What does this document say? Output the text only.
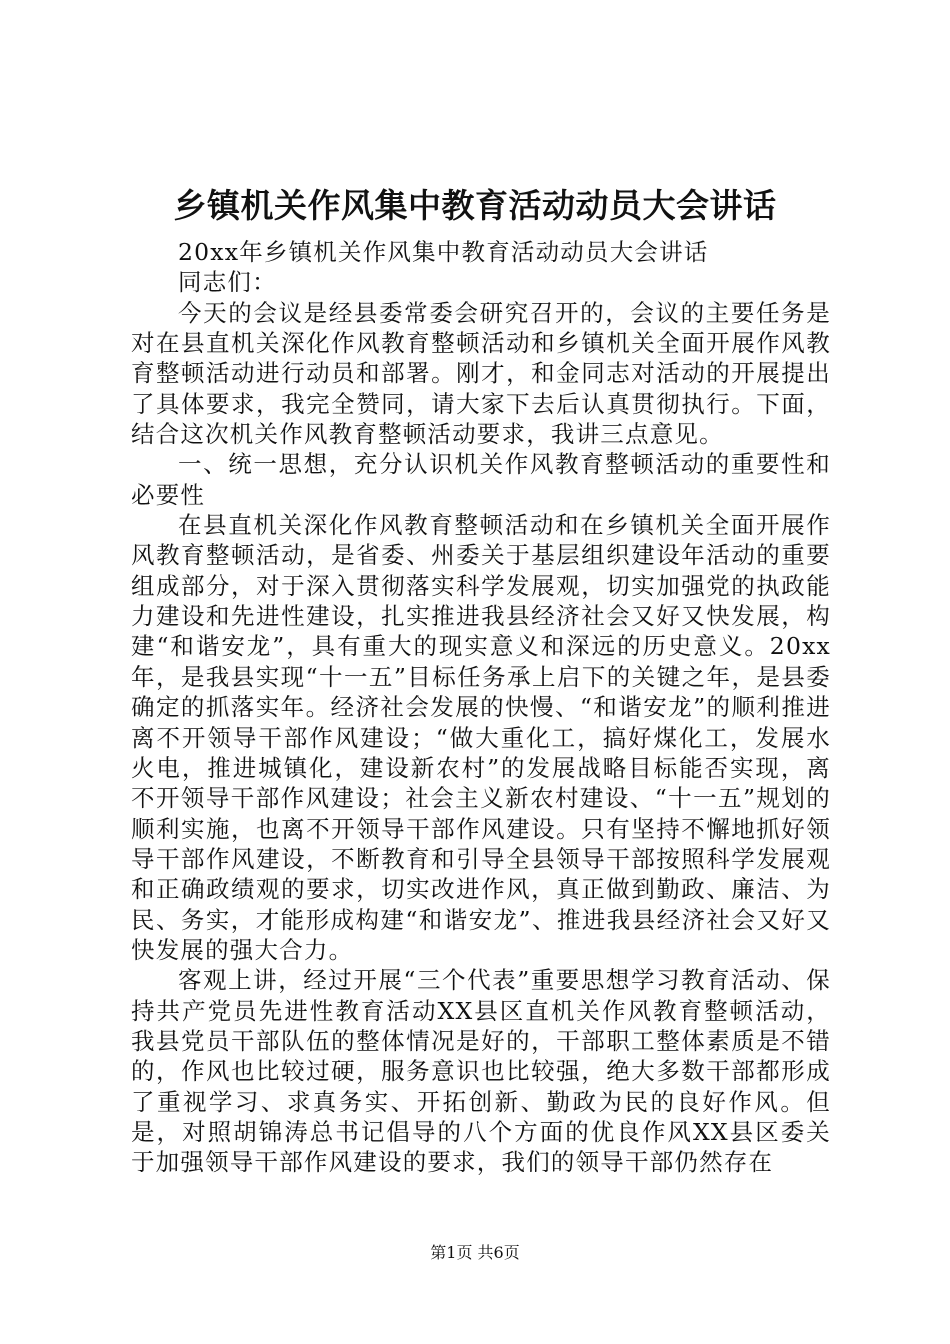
乡镇机关作风集中教育活动动员大会讲话

20xx年乡镇机关作风集中教育活动动员大会讲话

同志们：

今天的会议是经县委常委会研究召开的，会议的主要任务是对在县直机关深化作风教育整顿活动和乡镇机关全面开展作风教育整顿活动进行动员和部署。刚才，和金同志对活动的开展提出了具体要求，我完全赞同，请大家下去后认真贯彻执行。下面，结合这次机关作风教育整顿活动要求，我讲三点意见。

一、统一思想，充分认识机关作风教育整顿活动的重要性和必要性

在县直机关深化作风教育整顿活动和在乡镇机关全面开展作风教育整顿活动，是省委、州委关于基层组织建设年活动的重要组成部分，对于深入贯彻落实科学发展观，切实加强党的执政能力建设和先进性建设，扎实推进我县经济社会又好又快发展，构建“和谐安龙”，具有重大的现实意义和深远的历史意义。20xx年，是我县实现“十一五”目标任务承上启下的关键之年，是县委确定的抓落实年。经济社会发展的快慢、“和谐安龙”的顺利推进离不开领导干部作风建设；“做大重化工，搞好煤化工，发展水火电，推进城镇化，建设新农村”的发展战略目标能否实现，离不开领导干部作风建设；社会主义新农村建设、“十一五”规划的顺利实施，也离不开领导干部作风建设。只有坚持不懈地抓好领导干部作风建设，不断教育和引导全县领导干部按照科学发展观和正确政绩观的要求，切实改进作风，真正做到勤政、廉洁、为民、务实，才能形成构建“和谐安龙”、推进我县经济社会又好又快发展的强大合力。

客观上讲，经过开展“三个代表”重要思想学习教育活动、保持共产党员先进性教育活动XX县区直机关作风教育整顿活动，我县党员干部队伍的整体情况是好的，干部职工整体素质是不错的，作风也比较过硬，服务意识也比较强，绝大多数干部都形成了重视学习、求真务实、开拓创新、勤政为民的良好作风。但是，对照胡锦涛总书记倡导的八个方面的优良作风XX县区委关于加强领导干部作风建设的要求，我们的领导干部仍然存在

第1页 共6页
